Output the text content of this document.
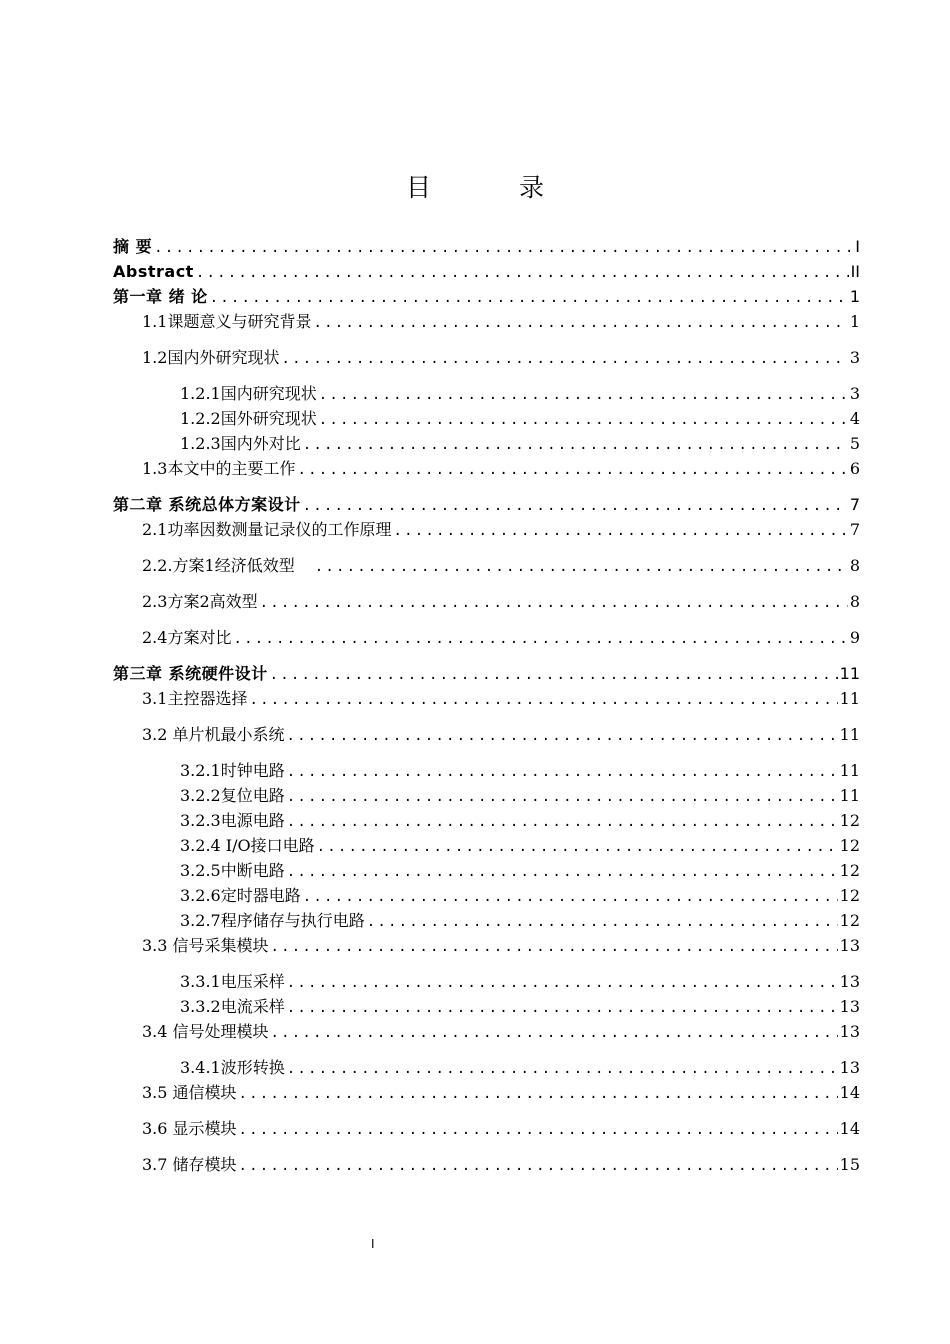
目 录
摘 要 .....	I
Abstract .....	II
第一章 绪 论 .....	1
1.1课题意义与研究背景 .....	1
1.2国内外研究现状 .....	3
1.2.1国内研究现状 .....	3
1.2.2国外研究现状 .....	4
1.2.3国内外对比 .....	5
1.3本文中的主要工作 .....	6
第二章 系统总体方案设计 .....	7
2.1功率因数测量记录仪的工作原理 .....	7
2.2.方案1经济低效型 .....	8
2.3方案2高效型 .....	8
2.4方案对比 .....	9
第三章 系统硬件设计 .....	11
3.1主控器选择 .....	11
3.2 单片机最小系统 .....	11
3.2.1时钟电路 .....	11
3.2.2复位电路 .....	11
3.2.3电源电路 .....	12
3.2.4 I/O接口电路 .....	12
3.2.5中断电路 .....	12
3.2.6定时器电路 .....	12
3.2.7程序储存与执行电路 .....	12
3.3 信号采集模块 .....	13
3.3.1电压采样 .....	13
3.3.2电流采样 .....	13
3.4 信号处理模块 .....	13
3.4.1波形转换 .....	13
3.5 通信模块 .....	14
3.6 显示模块 .....	14
3.7 储存模块 .....	15
I
